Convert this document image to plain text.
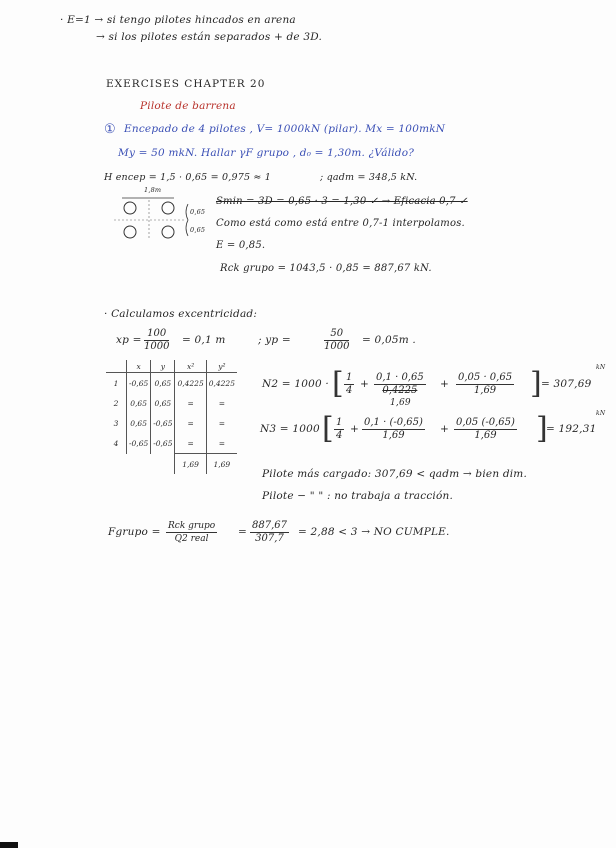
· E=1 → si tengo pilotes hincados en arena
→ si los pilotes están separados + de 3D.
EXERCISES CHAPTER 20
Pilote de barrena
① Encepado de 4 pilotes , V= 1000kN (pilar). Mx = 100mkN
My = 50 mkN. Hallar γF grupo , d₀ = 1,30m. ¿Válido?
H encep = 1,5 · 0,65 = 0,975 ≈ 1	; qadm = 348,5 kN.
1,8m
0,65
0,65
Smin = 3D = 0,65 · 3 = 1,30 ✓ → Eficacia 0,7 ✓
Como está como está entre 0,7-1 interpolamos.
E = 0,85.
Rck grupo = 1043,5 · 0,85 = 887,67 kN.
· Calculamos excentricidad:
xp = $\frac{100}{1000} = 0,1$ m	; yp =	$\frac{50}{1000} = 0,05m$ .
	x	y	x²	y²
1	-0,65	0,65	0,4225	0,4225
2	0,65	0,65	=	=
3	0,65	-0,65	=	=
4	-0,65	-0,65	=	=
			1,69	1,69
N2 = 1000 · [ $\frac{1}{4} + \frac{0,1 \cdot 0,65}{0,4225}$
1,69
+ $\frac{0,05 \cdot 0,65}{1,69}$ ] = 307,69
kN
N3 = 1000 [ $\frac{1}{4} + \frac{0,1 \cdot (-0,65)}{1,69} + \frac{0,05 (-0,65)}{1,69}$ ]
= 192,31
kN
Pilote más cargado: 307,69 < qadm → bien dim.
Pilote − " " : no trabaja a tracción.
Fgrupo = Rck grupo
Q2 real
= $\frac{887,67}{307,7} = 2,88 < 3$ → NO CUMPLE.
